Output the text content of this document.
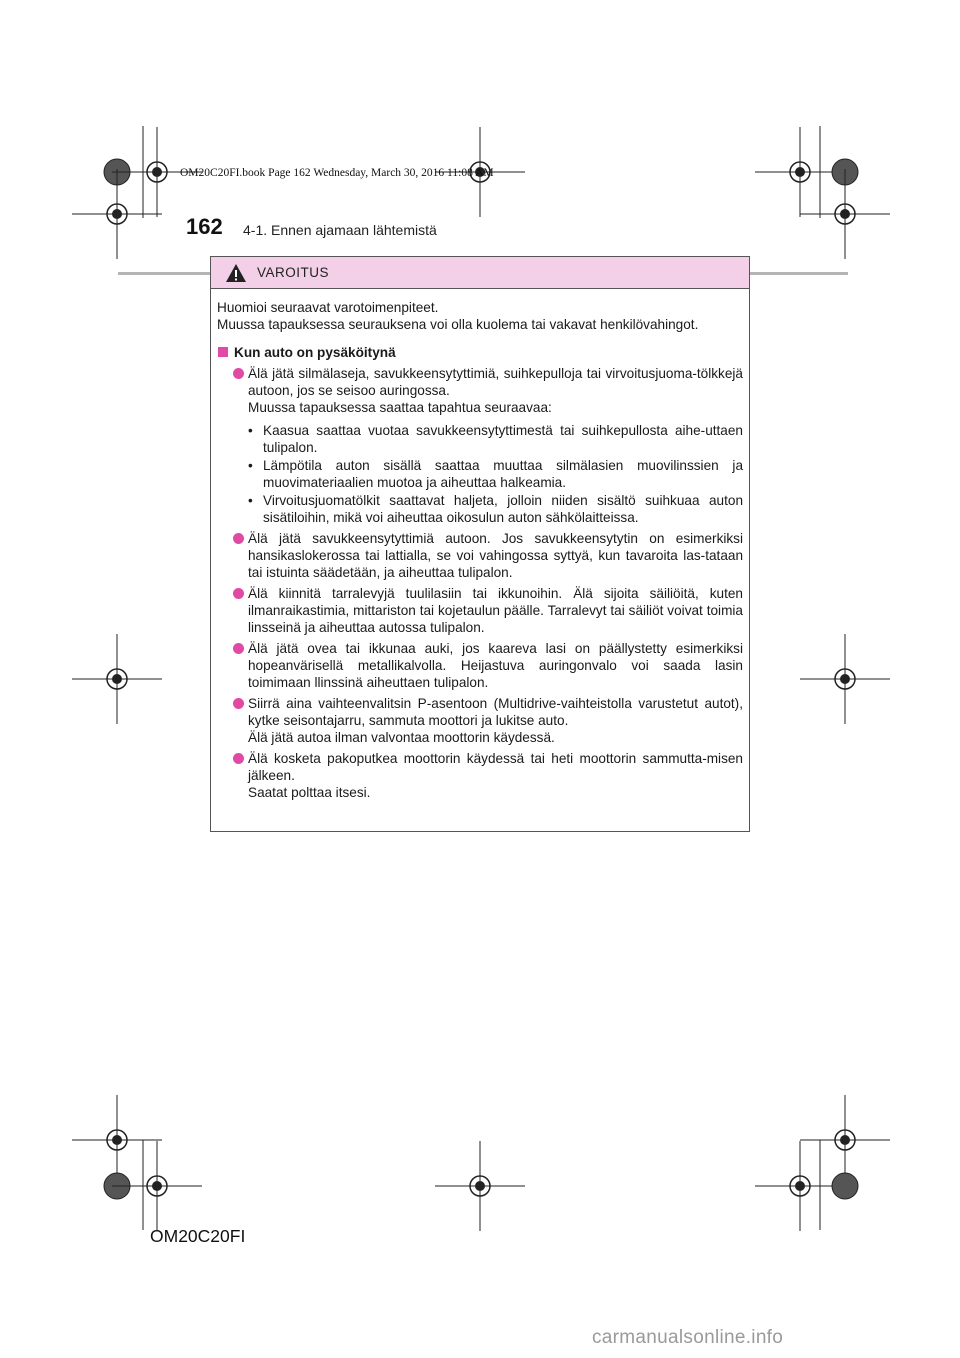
OM20C20FI.book Page 162 Wednesday, March 30, 2016 11:08 AM
162 4-1. Ennen ajamaan lähtemistä
VAROITUS

Huomioi seuraavat varotoimenpiteet.

Muussa tapauksessa seurauksena voi olla kuolema tai vakavat henkilövahingot.

Kun auto on pysäköitynä

Älä jätä silmälaseja, savukkeensytyttimiä, suihkepulloja tai virvoitusjuoma-tölkkejä autoon, jos se seisoo auringossa.

Muussa tapauksessa saattaa tapahtua seuraavaa:

• Kaasua saattaa vuotaa savukkeensytyttimestä tai suihkepullosta aihe-uttaen tulipalon.
• Lämpötila auton sisällä saattaa muuttaa silmälasien muovilinssien ja muovimateriaalien muotoa ja aiheuttaa halkeamia.
• Virvoitusjuomatölkit saattavat haljeta, jolloin niiden sisältö suihkuaa auton sisätiloihin, mikä voi aiheuttaa oikosulun auton sähkölaitteissa.

Älä jätä savukkeensytyttimiä autoon. Jos savukkeensytytin on esimerkiksi hansikaslokerossa tai lattialla, se voi vahingossa syttyä, kun tavaroita las-tataan tai istuinta säädetään, ja aiheuttaa tulipalon.

Älä kiinnitä tarralevyjä tuulilasiin tai ikkunoihin. Älä sijoita säiliöitä, kuten ilmanraikastimia, mittariston tai kojetaulun päälle. Tarralevyt tai säiliöt voivat toimia linsseinä ja aiheuttaa autossa tulipalon.

Älä jätä ovea tai ikkunaa auki, jos kaareva lasi on päällystetty esimerkiksi hopeanvärisellä metallikalvolla. Heijastuva auringonvalo voi saada lasin toimimaan llinssinä aiheuttaen tulipalon.

Siirrä aina vaihteenvalitsin P-asentoon (Multidrive-vaihteistolla varustetut autot), kytke seisontajarru, sammuta moottori ja lukitse auto.

Älä jätä autoa ilman valvontaa moottorin käydessä.

Älä kosketa pakoputkea moottorin käydessä tai heti moottorin sammutta-misen jälkeen.

Saatat polttaa itsesi.

OM20C20FI
carmanualsonline.info
